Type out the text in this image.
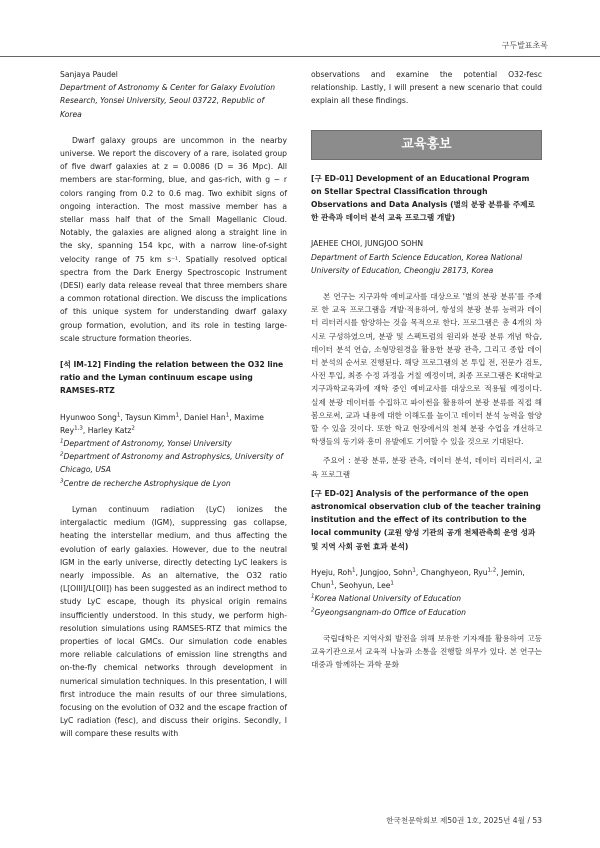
구두발표초록

Sanjaya Paudel

Department of Astronomy & Center for Galaxy Evolution Research, Yonsei University, Seoul 03722, Republic of Korea

Dwarf galaxy groups are uncommon in the nearby universe. We report the discovery of a rare, isolated group of five dwarf galaxies at z = 0.0086 (D = 36 Mpc). All members are star-forming, blue, and gas-rich, with g − r colors ranging from 0.2 to 0.6 mag. Two exhibit signs of ongoing interaction. The most massive member has a stellar mass half that of the Small Magellanic Cloud. Notably, the galaxies are aligned along a straight line in the sky, spanning 154 kpc, with a narrow line-of-sight velocity range of 75 km s⁻¹. Spatially resolved optical spectra from the Dark Energy Spectroscopic Instrument (DESI) early data release reveal that three members share a common rotational direction. We discuss the implications of this unique system for understanding dwarf galaxy group formation, evolution, and its role in testing large-scale structure formation theories.

[석 IM-12] Finding the relation between the O32 line ratio and the Lyman continuum escape using RAMSES-RTZ

Hyunwoo Song$^1$, Taysun Kimm$^1$, Daniel Han$^1$, Maxime Rey$^{1,3}$, Harley Katz$^2$

$^1$Department of Astronomy, Yonsei University

$^2$Department of Astronomy and Astrophysics, University of Chicago, USA

$^3$Centre de recherche Astrophysique de Lyon

Lyman continuum radiation (LyC) ionizes the intergalactic medium (IGM), suppressing gas collapse, heating the interstellar medium, and thus affecting the evolution of early galaxies. However, due to the neutral IGM in the early universe, directly detecting LyC leakers is nearly impossible. As an alternative, the O32 ratio (L[OIII]/L[OII]) has been suggested as an indirect method to study LyC escape, though its physical origin remains insufficiently understood. In this study, we perform high-resolution simulations using RAMSES-RTZ that mimics the properties of local GMCs. Our simulation code enables more reliable calculations of emission line strengths and on-the-fly chemical networks through development in numerical simulation techniques. In this presentation, I will first introduce the main results of our three simulations, focusing on the evolution of O32 and the escape fraction of LyC radiation (fesc), and discuss their origins. Secondly, I will compare these results with

observations and examine the potential O32-fesc relationship. Lastly, I will present a new scenario that could explain all these findings.

교육홍보

[구 ED-01] Development of an Educational Program on Stellar Spectral Classification through Observations and Data Analysis (별의 분광 분류를 주제로 한 관측과 데이터 분석 교육 프로그램 개발)

JAEHEE CHOI, JUNGJOO SOHN

Department of Earth Science Education, Korea National University of Education, Cheongju 28173, Korea

본 연구는 지구과학 예비교사를 대상으로 '별의 분광 분류'를 주제로 한 교육 프로그램을 개발·적용하여, 항성의 분광 분류 능력과 데이터 리터러시를 함양하는 것을 목적으로 한다. 프로그램은 총 4개의 차시로 구성하였으며, 분광 및 스펙트럼의 원리와 분광 분류 개념 학습, 데이터 분석 연습, 소형망원경을 활용한 분광 관측, 그리고 종합 데이터 분석의 순서로 진행된다. 해당 프로그램의 본 투입 전, 전문가 검토, 사전 투입, 최종 수정 과정을 거칠 예정이며, 최종 프로그램은 K대학교 지구과학교육과에 재학 중인 예비교사를 대상으로 적용될 예정이다. 실제 분광 데이터를 수집하고 파이썬을 활용하여 분광 분류를 직접 해봄으로써, 교과 내용에 대한 이해도를 높이고 데이터 분석 능력을 함양할 수 있을 것이다. 또한 학교 현장에서의 천체 분광 수업을 개선하고 학생들의 동기와 흥미 유발에도 기여할 수 있을 것으로 기대된다.

주요어 : 분광 분류, 분광 관측, 데이터 분석, 데이터 리터러시, 교육 프로그램

[구 ED-02] Analysis of the performance of the open astronomical observation club of the teacher training institution and the effect of its contribution to the local community (교원 양성 기관의 공개 천체관측회 운영 성과 및 지역 사회 공헌 효과 분석)

Hyeju, Roh$^1$, Jungjoo, Sohn$^1$, Changhyeon, Ryu$^{1,2}$, Jemin, Chun$^1$, Seohyun, Lee$^1$

$^1$Korea National University of Education

$^2$Gyeongsangnam-do Office of Education

국립대학은 지역사회 발전을 위해 보유한 기자재를 활용하여 고등교육기관으로서 교육적 나눔과 소통을 진행할 의무가 있다. 본 연구는 대중과 함께하는 과학 문화

한국천문학회보 제50권 1호, 2025년 4월 / 53
